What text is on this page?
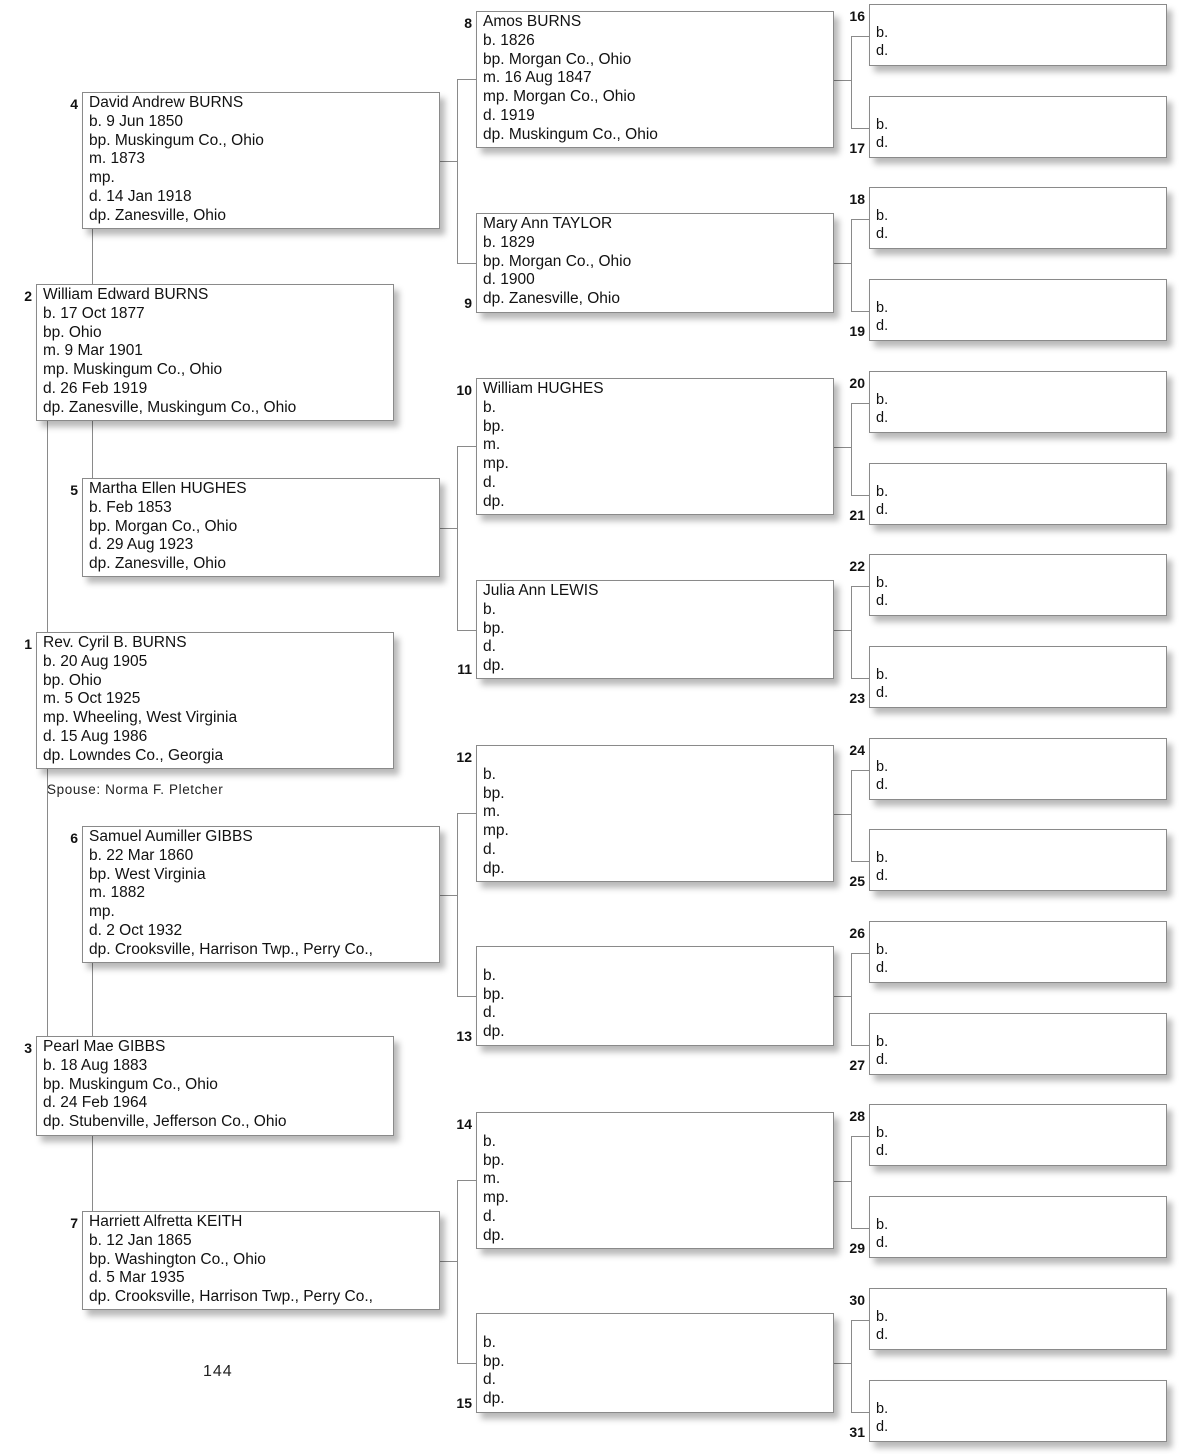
Rev. Cyril B. BURNS
b. 20 Aug 1905
bp. Ohio
m. 5 Oct 1925
mp. Wheeling, West Virginia
d. 15 Aug 1986
dp. Lowndes Co., Georgia
1
William Edward BURNS
b. 17 Oct 1877
bp. Ohio
m. 9 Mar 1901
mp. Muskingum Co., Ohio
d. 26 Feb 1919
dp. Zanesville, Muskingum Co., Ohio
2
Pearl Mae GIBBS
b. 18 Aug 1883
bp. Muskingum Co., Ohio
d. 24 Feb 1964
dp. Stubenville, Jefferson Co., Ohio
3
David Andrew BURNS
b. 9 Jun 1850
bp. Muskingum Co., Ohio
m. 1873
mp.
d. 14 Jan 1918
dp. Zanesville, Ohio
4
Martha Ellen HUGHES
b. Feb 1853
bp. Morgan Co., Ohio
d. 29 Aug 1923
dp. Zanesville, Ohio
5
Samuel Aumiller GIBBS
b. 22 Mar 1860
bp. West Virginia
m. 1882
mp.
d. 2 Oct 1932
dp. Crooksville, Harrison Twp., Perry Co.,
6
Harriett Alfretta KEITH
b. 12 Jan 1865
bp. Washington Co., Ohio
d. 5 Mar 1935
dp. Crooksville, Harrison Twp., Perry Co.,
7
Amos BURNS
b. 1826
bp. Morgan Co., Ohio
m. 16 Aug 1847
mp. Morgan Co., Ohio
d. 1919
dp. Muskingum Co., Ohio
8
Mary Ann TAYLOR
b. 1829
bp. Morgan Co., Ohio
d. 1900
dp. Zanesville, Ohio
9
William HUGHES
b.
bp.
m.
mp.
d.
dp.
10
Julia Ann LEWIS
b.
bp.
d.
dp.
11

b.
bp.
m.
mp.
d.
dp.
12

b.
bp.
d.
dp.
13

b.
bp.
m.
mp.
d.
dp.
14

b.
bp.
d.
dp.
15

b.
d.
16

b.
d.
17

b.
d.
18

b.
d.
19

b.
d.
20

b.
d.
21

b.
d.
22

b.
d.
23

b.
d.
24

b.
d.
25

b.
d.
26

b.
d.
27

b.
d.
28

b.
d.
29

b.
d.
30

b.
d.
31
Spouse: Norma F. Pletcher
144
